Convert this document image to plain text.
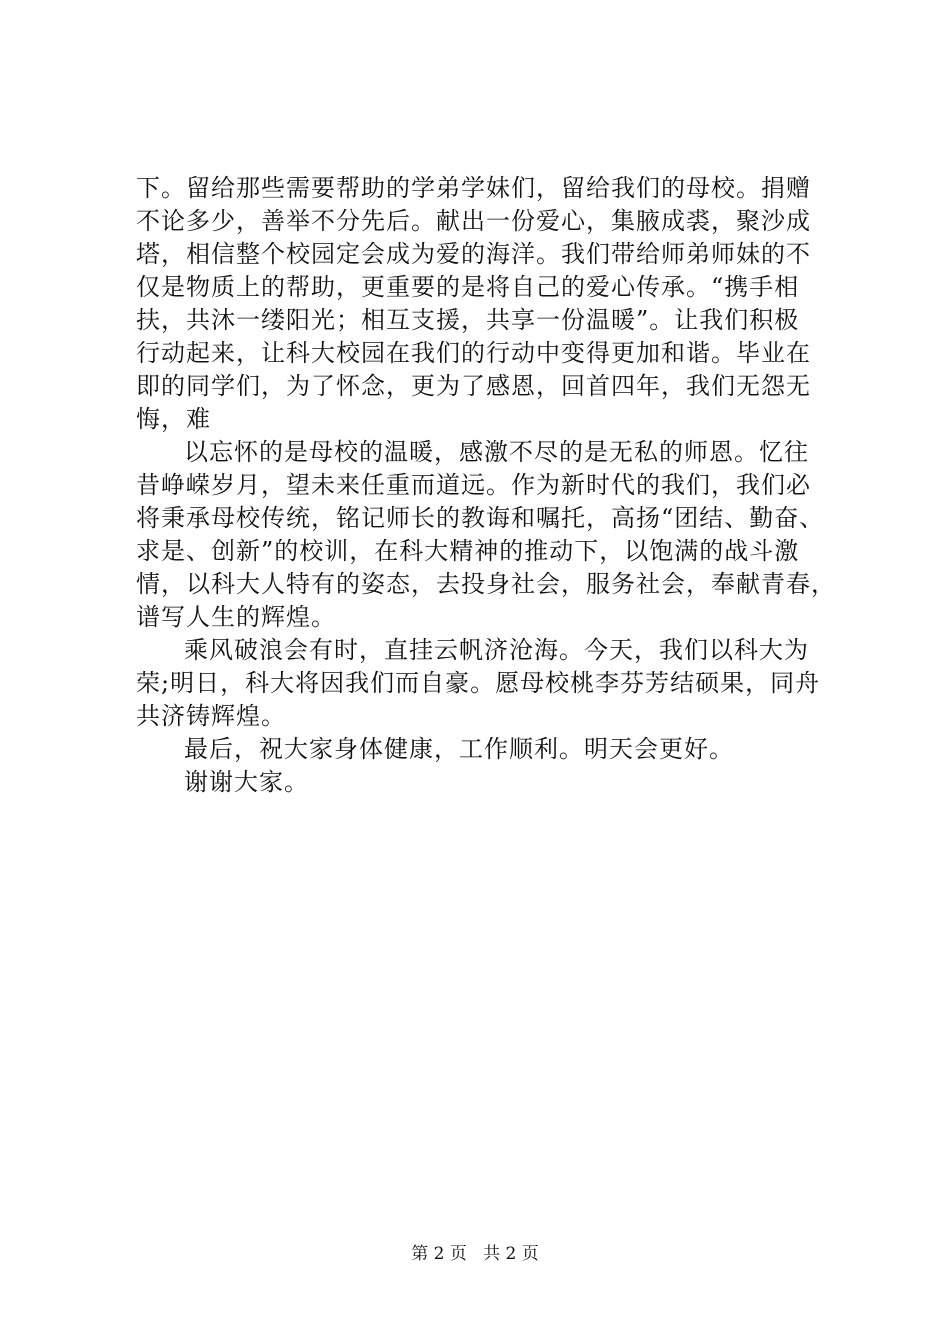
下。留给那些需要帮助的学弟学妹们，留给我们的母校。捐赠
不论多少，善举不分先后。献出一份爱心，集腋成裘，聚沙成
塔，相信整个校园定会成为爱的海洋。我们带给师弟师妹的不
仅是物质上的帮助，更重要的是将自己的爱心传承。“携手相
扶，共沐一缕阳光；相互支援，共享一份温暖”。让我们积极
行动起来，让科大校园在我们的行动中变得更加和谐。毕业在
即的同学们，为了怀念，更为了感恩，回首四年，我们无怨无
悔，难
以忘怀的是母校的温暖，感激不尽的是无私的师恩。忆往
昔峥嵘岁月，望未来任重而道远。作为新时代的我们，我们必
将秉承母校传统，铭记师长的教诲和嘱托，高扬“团结、勤奋、
求是、创新”的校训，在科大精神的推动下，以饱满的战斗激
情，以科大人特有的姿态，去投身社会，服务社会，奉献青春，
谱写人生的辉煌。
乘风破浪会有时，直挂云帆济沧海。今天，我们以科大为
荣;明日，科大将因我们而自豪。愿母校桃李芬芳结硕果，同舟
共济铸辉煌。
最后，祝大家身体健康，工作顺利。明天会更好。
谢谢大家。
第 2 页 共 2 页
